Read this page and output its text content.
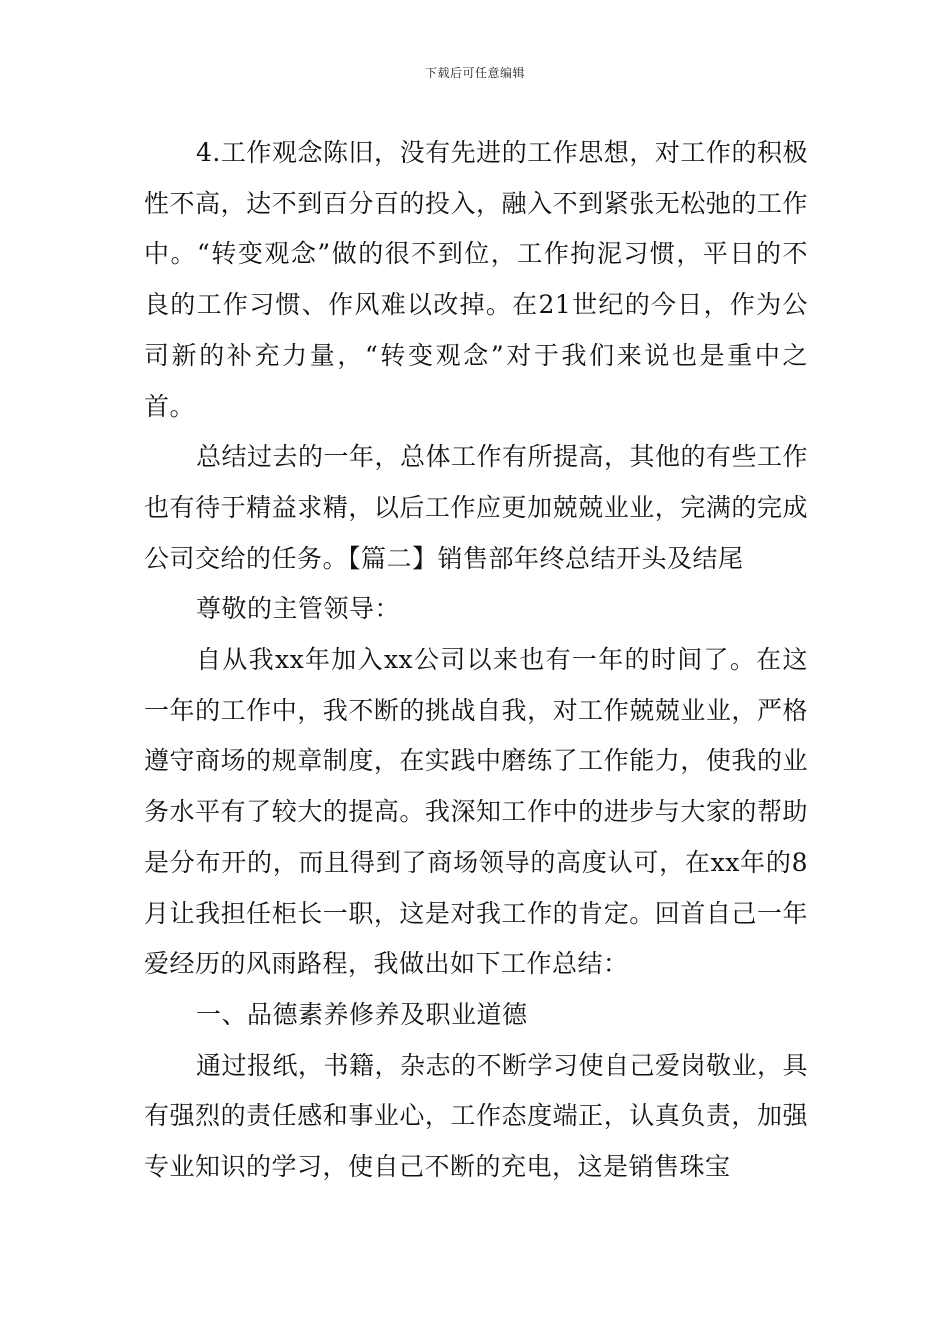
下载后可任意编辑

4.工作观念陈旧，没有先进的工作思想，对工作的积极性不高，达不到百分百的投入，融入不到紧张无松弛的工作中。“转变观念”做的很不到位，工作拘泥习惯，平日的不良的工作习惯、作风难以改掉。在21世纪的今日，作为公司新的补充力量，“转变观念”对于我们来说也是重中之首。

总结过去的一年，总体工作有所提高，其他的有些工作也有待于精益求精，以后工作应更加兢兢业业，完满的完成公司交给的任务。【篇二】销售部年终总结开头及结尾

尊敬的主管领导：

自从我xx年加入xx公司以来也有一年的时间了。在这一年的工作中，我不断的挑战自我，对工作兢兢业业，严格遵守商场的规章制度，在实践中磨练了工作能力，使我的业务水平有了较大的提高。我深知工作中的进步与大家的帮助是分布开的，而且得到了商场领导的高度认可，在xx年的8月让我担任柜长一职，这是对我工作的肯定。回首自己一年爱经历的风雨路程，我做出如下工作总结：

一、品德素养修养及职业道德

通过报纸，书籍，杂志的不断学习使自己爱岗敬业，具有强烈的责任感和事业心，工作态度端正，认真负责，加强专业知识的学习，使自己不断的充电，这是销售珠宝
